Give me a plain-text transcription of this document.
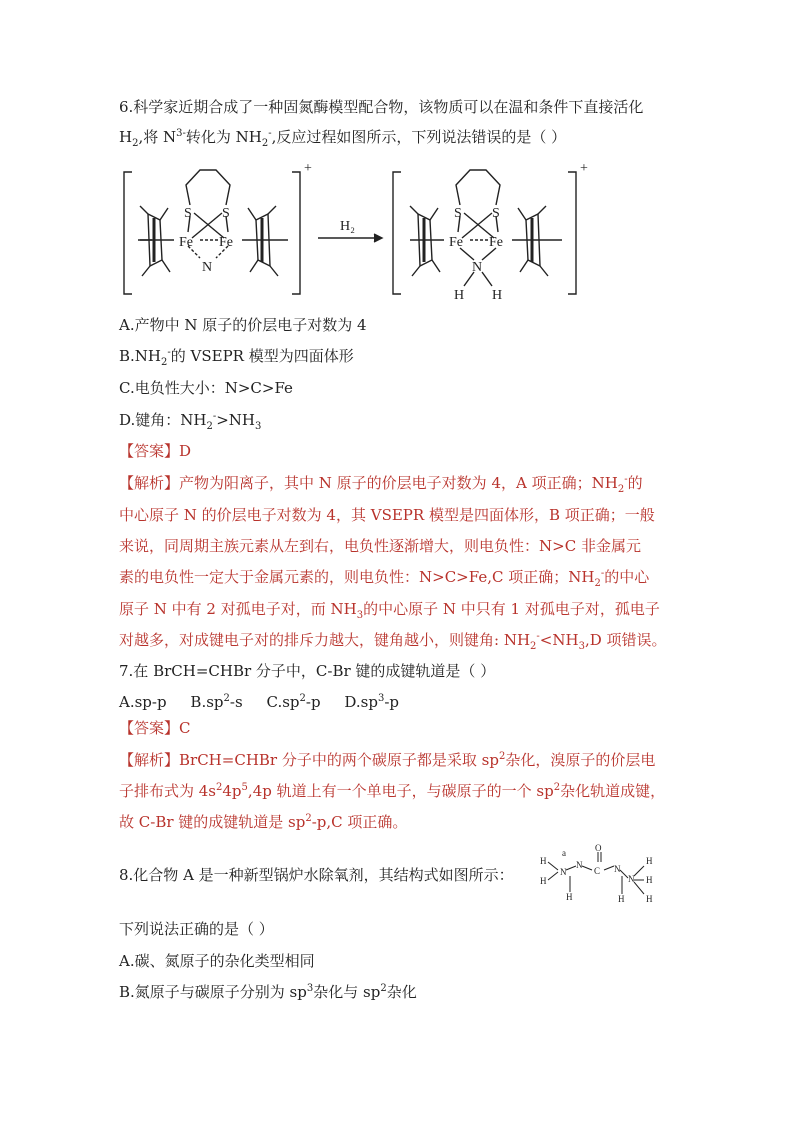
6.科学家近期合成了一种固氮酶模型配合物，该物质可以在温和条件下直接活化
$H_2$,将 $N^{3-}$转化为 $NH_2^-$,反应过程如图所示，下列说法错误的是（ ）
+	+
H₂
S S
Fe Fe
N
S S
Fe Fe
N
H H
A.产物中 N 原子的价层电子对数为 4
$B.NH_2^-$的 VSEPR 模型为四面体形
C.电负性大小：N>C>Fe
D.键角：$NH_2^->NH_3$
【答案】D
【解析】产物为阳离子，其中 N 原子的价层电子对数为 4，A 项正确；$NH_2^-$的
中心原子 N 的价层电子对数为 4，其 VSEPR 模型是四面体形，B 项正确；一般
来说，同周期主族元素从左到右，电负性逐渐增大，则电负性：N>C 非金属元
素的电负性一定大于金属元素的，则电负性：N>C>Fe,C 项正确；$NH_2^-$的中心
原子 N 中有 2 对孤电子对，而 $NH_3$的中心原子 N 中只有 1 对孤电子对，孤电子
对越多，对成键电子对的排斥力越大，键角越小，则键角: $NH_2^-<NH_3,D$ 项错误。
7.在 BrCH=CHBr 分子中，C-Br 键的成键轨道是（ ）
A.sp-p $B.sp^2-s$ $C.sp^2-p$ $D.sp^3-p$
【答案】C
【解析】BrCH=CHBr 分子中的两个碳原子都是采取 $sp^2$杂化，溴原子的价层电
子排布式为 $4s^24p^5,4p$ 轨道上有一个单电子，与碳原子的一个 $sp^2$杂化轨道成键，
故 C-Br 键的成键轨道是 $sp^2-p,C$ 项正确。
8.化合物 A 是一种新型锅炉水除氧剂，其结构式如图所示：
H
H
N
a
N
H
C
O
N
H
N
H
H
H
下列说法正确的是（ ）
A.碳、氮原子的杂化类型相同
B.氮原子与碳原子分别为 $sp^3$杂化与 $sp^2$杂化
